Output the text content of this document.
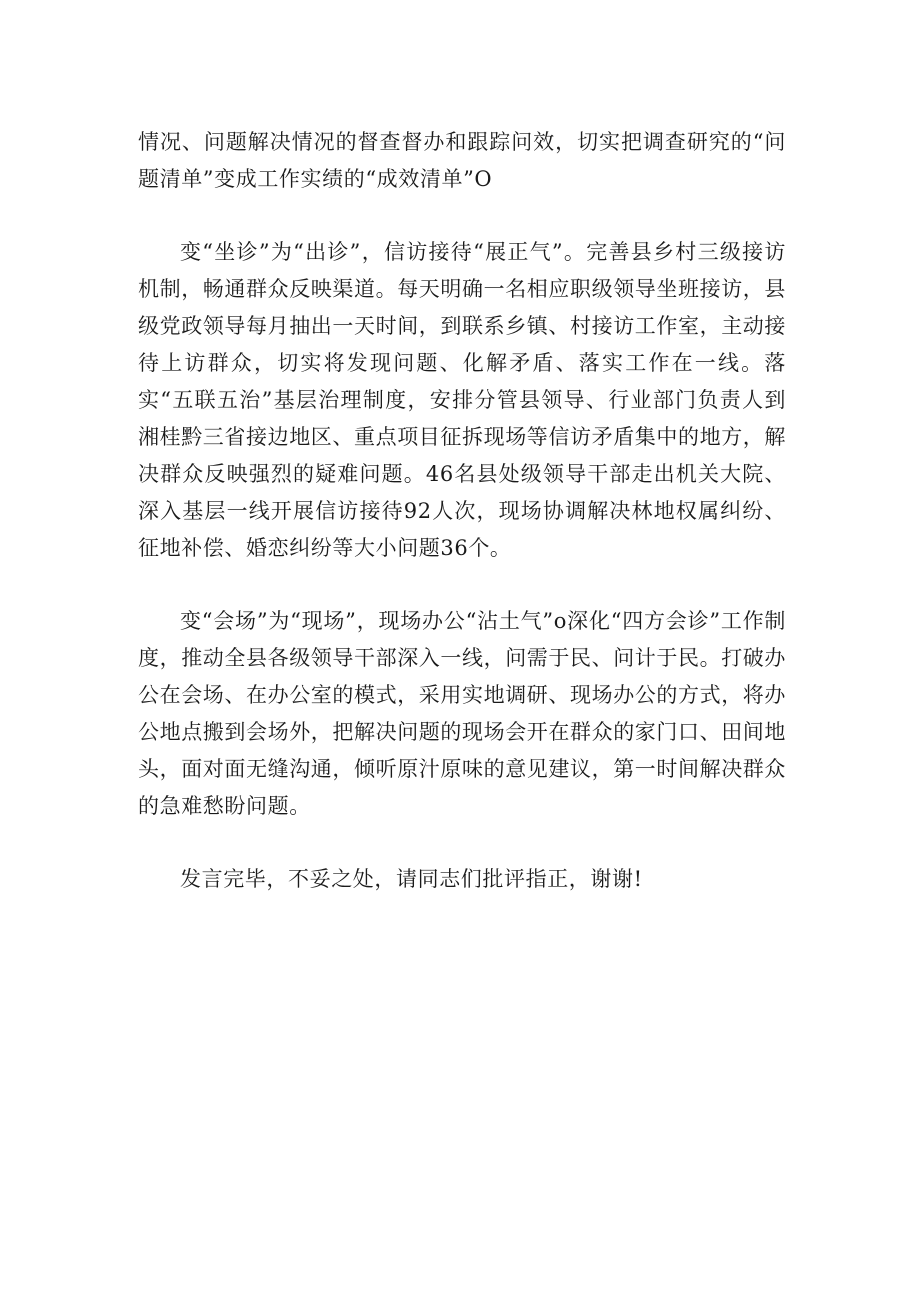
情况、问题解决情况的督查督办和跟踪问效，切实把调查研究的“问题清单”变成工作实绩的“成效清单”O

变“坐诊”为“出诊”，信访接待“展正气”。完善县乡村三级接访机制，畅通群众反映渠道。每天明确一名相应职级领导坐班接访，县级党政领导每月抽出一天时间，到联系乡镇、村接访工作室，主动接待上访群众，切实将发现问题、化解矛盾、落实工作在一线。落实“五联五治”基层治理制度，安排分管县领导、行业部门负责人到湘桂黔三省接边地区、重点项目征拆现场等信访矛盾集中的地方，解决群众反映强烈的疑难问题。46名县处级领导干部走出机关大院、深入基层一线开展信访接待92人次，现场协调解决林地权属纠纷、征地补偿、婚恋纠纷等大小问题36个。

变“会场”为“现场”，现场办公“沾土气”o深化“四方会诊”工作制度，推动全县各级领导干部深入一线，问需于民、问计于民。打破办公在会场、在办公室的模式，采用实地调研、现场办公的方式，将办公地点搬到会场外，把解决问题的现场会开在群众的家门口、田间地头，面对面无缝沟通，倾听原汁原味的意见建议，第一时间解决群众的急难愁盼问题。

发言完毕，不妥之处，请同志们批评指正，谢谢!
